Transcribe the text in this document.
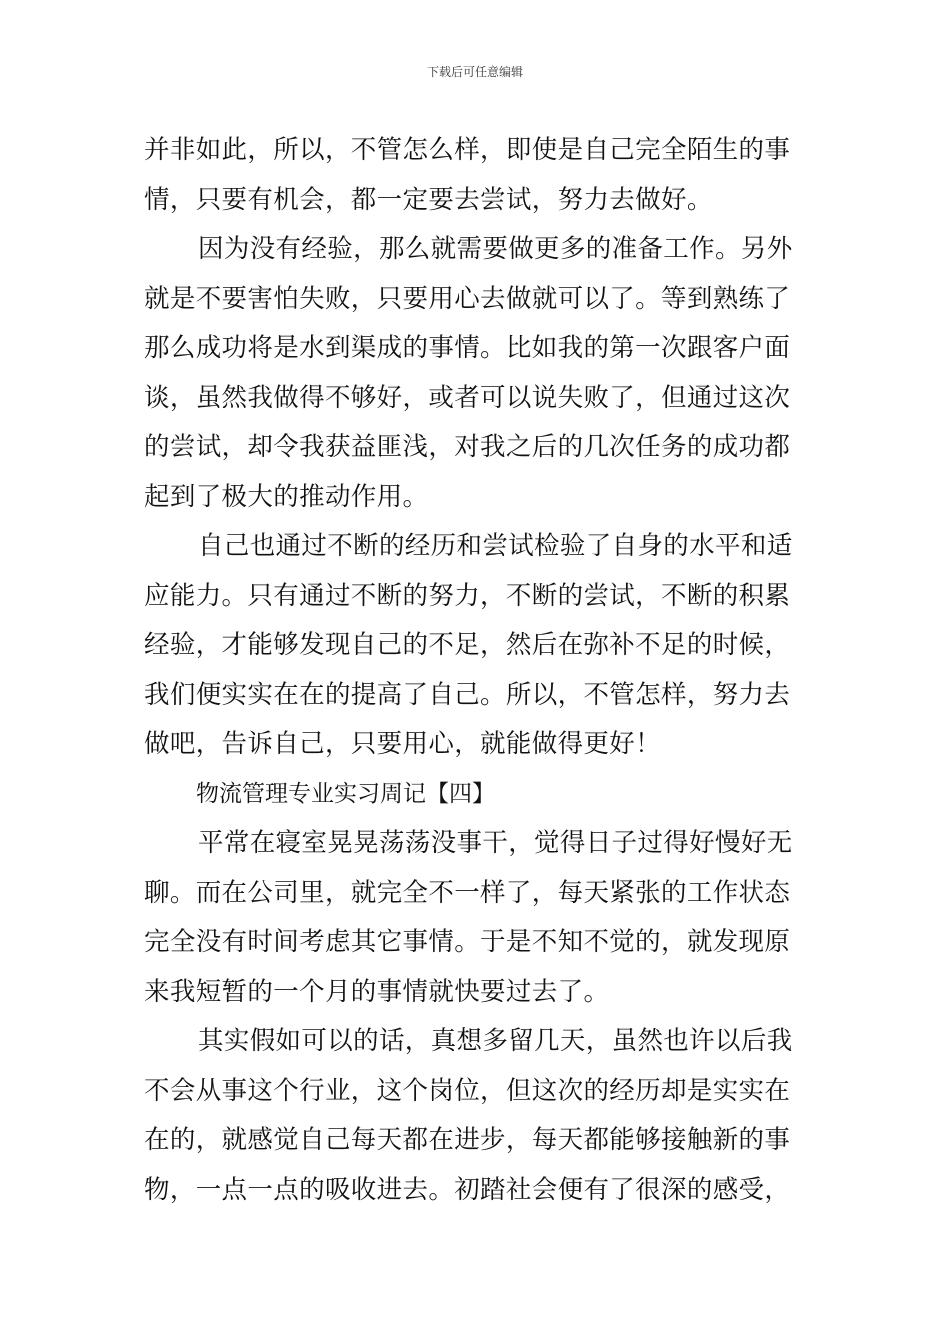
下载后可任意编辑
并非如此，所以，不管怎么样，即使是自己完全陌生的事
情，只要有机会，都一定要去尝试，努力去做好。
因为没有经验，那么就需要做更多的准备工作。另外
就是不要害怕失败，只要用心去做就可以了。等到熟练了
那么成功将是水到渠成的事情。比如我的第一次跟客户面
谈，虽然我做得不够好，或者可以说失败了，但通过这次
的尝试，却令我获益匪浅，对我之后的几次任务的成功都
起到了极大的推动作用。
自己也通过不断的经历和尝试检验了自身的水平和适
应能力。只有通过不断的努力，不断的尝试，不断的积累
经验，才能够发现自己的不足，然后在弥补不足的时候，
我们便实实在在的提高了自己。所以，不管怎样，努力去
做吧，告诉自己，只要用心，就能做得更好！
物流管理专业实习周记【四】
平常在寝室晃晃荡荡没事干，觉得日子过得好慢好无
聊。而在公司里，就完全不一样了，每天紧张的工作状态
完全没有时间考虑其它事情。于是不知不觉的，就发现原
来我短暂的一个月的事情就快要过去了。
其实假如可以的话，真想多留几天，虽然也许以后我
不会从事这个行业，这个岗位，但这次的经历却是实实在
在的，就感觉自己每天都在进步，每天都能够接触新的事
物，一点一点的吸收进去。初踏社会便有了很深的感受，
